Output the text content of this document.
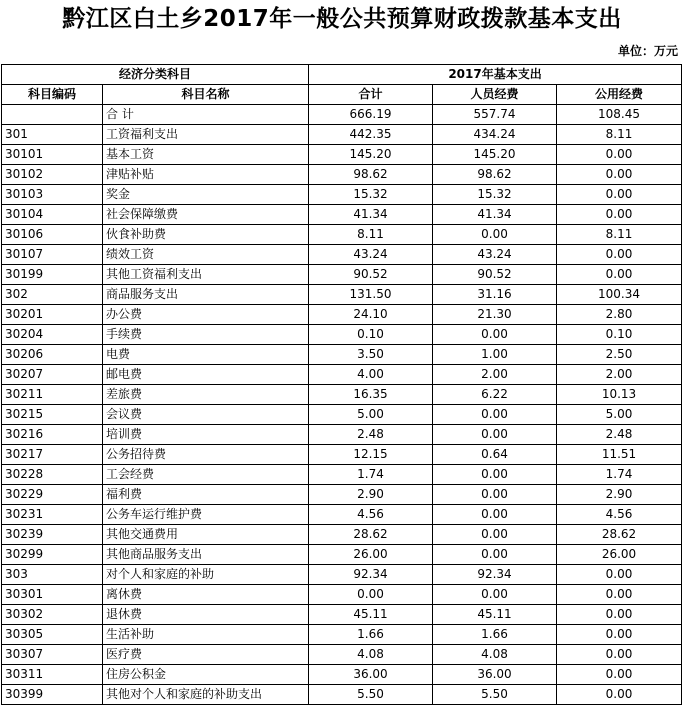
黔江区白土乡2017年一般公共预算财政拨款基本支出
单位：万元
经济分类科目		2017年基本支出		
科目编码	科目名称	合计	人员经费	公用经费
	合 计	666.19	557.74	108.45
301	工资福利支出	442.35	434.24	8.11
30101	基本工资	145.20	145.20	0.00
30102	津贴补贴	98.62	98.62	0.00
30103	奖金	15.32	15.32	0.00
30104	社会保障缴费	41.34	41.34	0.00
30106	伙食补助费	8.11	0.00	8.11
30107	绩效工资	43.24	43.24	0.00
30199	其他工资福利支出	90.52	90.52	0.00
302	商品服务支出	131.50	31.16	100.34
30201	办公费	24.10	21.30	2.80
30204	手续费	0.10	0.00	0.10
30206	电费	3.50	1.00	2.50
30207	邮电费	4.00	2.00	2.00
30211	差旅费	16.35	6.22	10.13
30215	会议费	5.00	0.00	5.00
30216	培训费	2.48	0.00	2.48
30217	公务招待费	12.15	0.64	11.51
30228	工会经费	1.74	0.00	1.74
30229	福利费	2.90	0.00	2.90
30231	公务车运行维护费	4.56	0.00	4.56
30239	其他交通费用	28.62	0.00	28.62
30299	其他商品服务支出	26.00	0.00	26.00
303	对个人和家庭的补助	92.34	92.34	0.00
30301	离休费	0.00	0.00	0.00
30302	退休费	45.11	45.11	0.00
30305	生活补助	1.66	1.66	0.00
30307	医疗费	4.08	4.08	0.00
30311	住房公积金	36.00	36.00	0.00
30399	其他对个人和家庭的补助支出	5.50	5.50	0.00
